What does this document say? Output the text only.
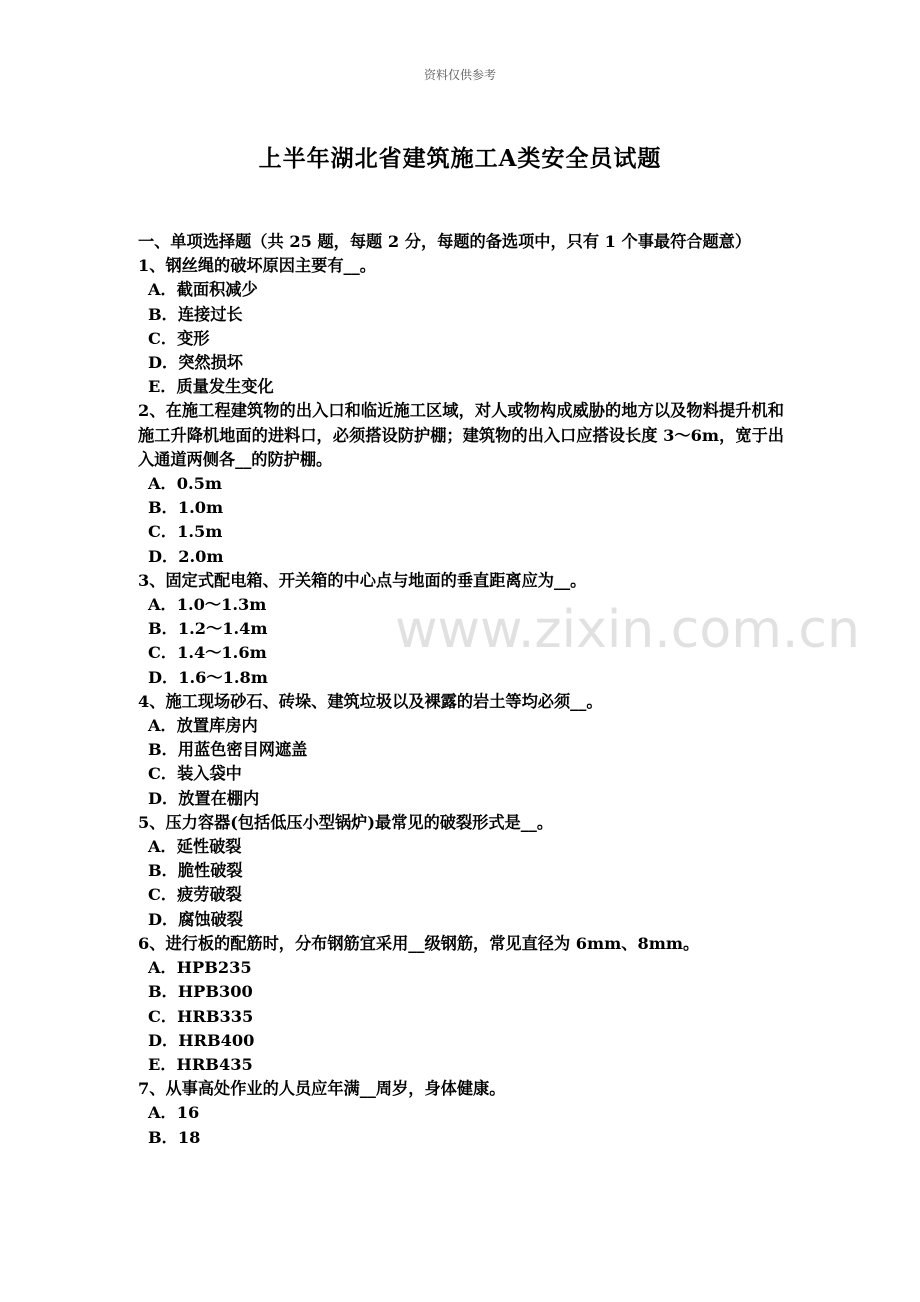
资料仅供参考
上半年湖北省建筑施工A类安全员试题
www.zixin.com.cn

一、单项选择题（共 25 题，每题 2 分，每题的备选项中，只有 1 个事最符合题意）

1、钢丝绳的破坏原因主要有__。

A．截面积减少

B．连接过长

C．变形

D．突然损坏

E．质量发生变化

2、在施工程建筑物的出入口和临近施工区域，对人或物构成威胁的地方以及物料提升机和施工升降机地面的进料口，必须搭设防护棚；建筑物的出入口应搭设长度 3～6m，宽于出入通道两侧各__的防护棚。

A．0.5m

B．1.0m

C．1.5m

D．2.0m

3、固定式配电箱、开关箱的中心点与地面的垂直距离应为__。

A．1.0～1.3m

B．1.2～1.4m

C．1.4～1.6m

D．1.6～1.8m

4、施工现场砂石、砖垛、建筑垃圾以及裸露的岩土等均必须__。

A．放置库房内

B．用蓝色密目网遮盖

C．装入袋中

D．放置在棚内

5、压力容器(包括低压小型锅炉)最常见的破裂形式是__。

A．延性破裂

B．脆性破裂

C．疲劳破裂

D．腐蚀破裂

6、进行板的配筋时，分布钢筋宜采用__级钢筋，常见直径为 6mm、8mm。

A．HPB235

B．HPB300

C．HRB335

D．HRB400

E．HRB435

7、从事高处作业的人员应年满__周岁，身体健康。

A．16

B．18
